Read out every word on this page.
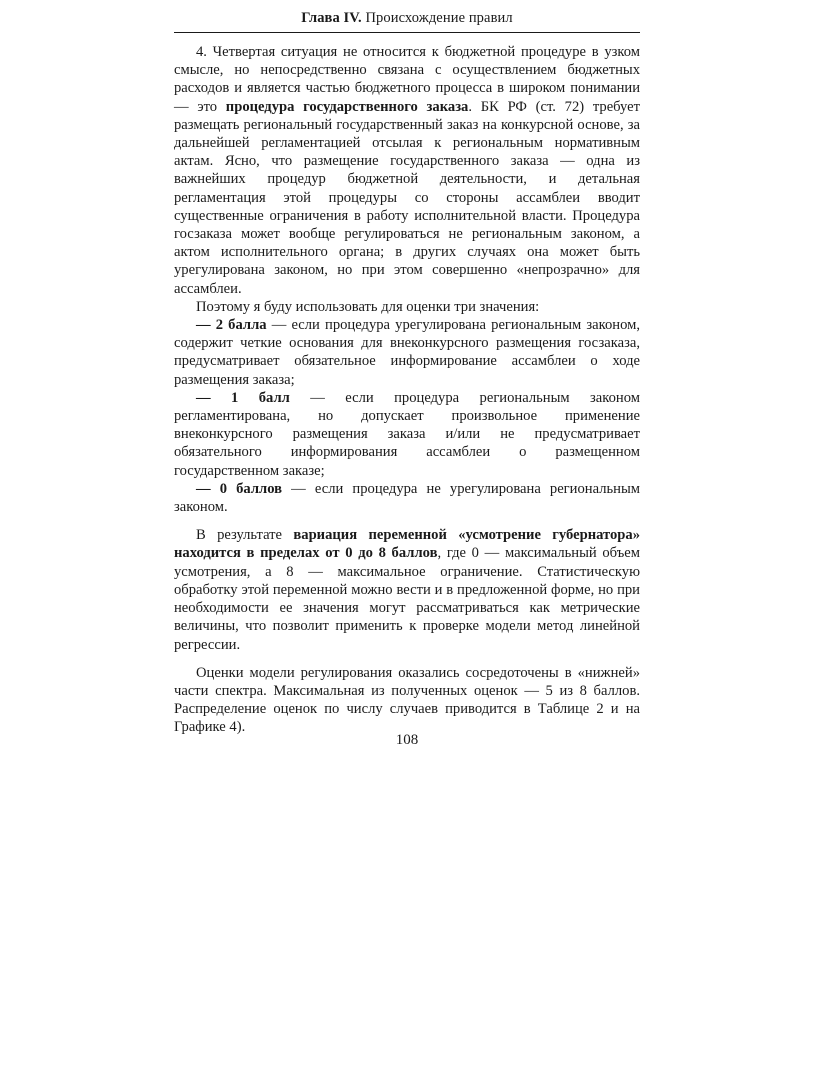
Глава IV. Происхождение правил

4. Четвертая ситуация не относится к бюджетной процедуре в узком смысле, но непосредственно связана с осуществлением бюджетных расходов и является частью бюджетного процесса в широком понимании — это процедура государственного заказа. БК РФ (ст. 72) требует размещать региональный государственный заказ на конкурсной основе, за дальнейшей регламентацией отсылая к региональным нормативным актам. Ясно, что размещение государственного заказа — одна из важнейших процедур бюджетной деятельности, и детальная регламентация этой процедуры со стороны ассамблеи вводит существенные ограничения в работу исполнительной власти. Процедура госзаказа может вообще регулироваться не региональным законом, а актом исполнительного органа; в других случаях она может быть урегулирована законом, но при этом совершенно «непрозрачно» для ассамблеи.

Поэтому я буду использовать для оценки три значения:

— 2 балла — если процедура урегулирована региональным законом, содержит четкие основания для внеконкурсного размещения госзаказа, предусматривает обязательное информирование ассамблеи о ходе размещения заказа;

— 1 балл — если процедура региональным законом регламентирована, но допускает произвольное применение внеконкурсного размещения заказа и/или не предусматривает обязательного информирования ассамблеи о размещенном государственном заказе;

— 0 баллов — если процедура не урегулирована региональным законом.

В результате вариация переменной «усмотрение губернатора» находится в пределах от 0 до 8 баллов, где 0 — максимальный объем усмотрения, а 8 — максимальное ограничение. Статистическую обработку этой переменной можно вести и в предложенной форме, но при необходимости ее значения могут рассматриваться как метрические величины, что позволит применить к проверке модели метод линейной регрессии.

Оценки модели регулирования оказались сосредоточены в «нижней» части спектра. Максимальная из полученных оценок — 5 из 8 баллов. Распределение оценок по числу случаев приводится в Таблице 2 и на Графике 4).

108
